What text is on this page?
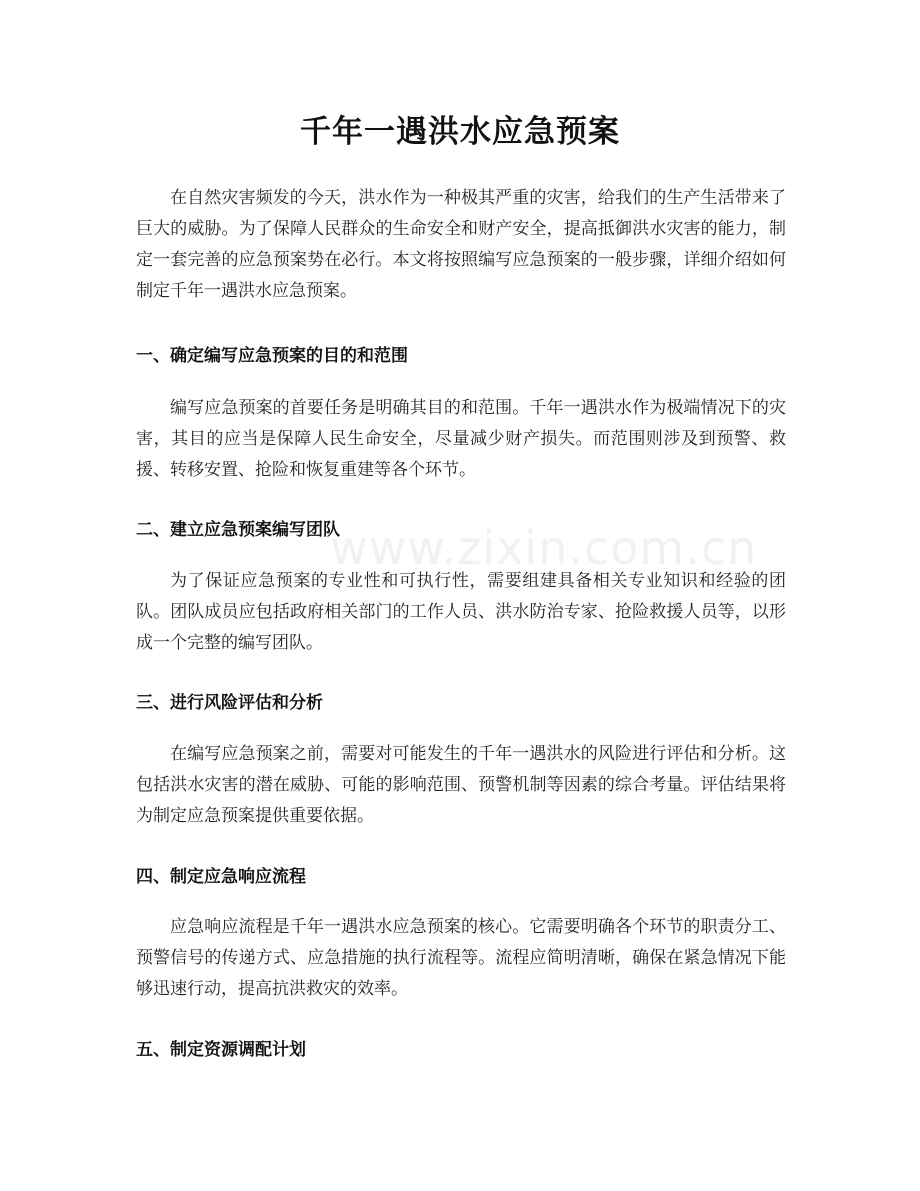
www.zixin.com.cn
千年一遇洪水应急预案

在自然灾害频发的今天，洪水作为一种极其严重的灾害，给我们的生产生活带来了巨大的威胁。为了保障人民群众的生命安全和财产安全，提高抵御洪水灾害的能力，制定一套完善的应急预案势在必行。本文将按照编写应急预案的一般步骤，详细介绍如何制定千年一遇洪水应急预案。

一、确定编写应急预案的目的和范围

编写应急预案的首要任务是明确其目的和范围。千年一遇洪水作为极端情况下的灾害，其目的应当是保障人民生命安全，尽量减少财产损失。而范围则涉及到预警、救援、转移安置、抢险和恢复重建等各个环节。

二、建立应急预案编写团队

为了保证应急预案的专业性和可执行性，需要组建具备相关专业知识和经验的团队。团队成员应包括政府相关部门的工作人员、洪水防治专家、抢险救援人员等，以形成一个完整的编写团队。

三、进行风险评估和分析

在编写应急预案之前，需要对可能发生的千年一遇洪水的风险进行评估和分析。这包括洪水灾害的潜在威胁、可能的影响范围、预警机制等因素的综合考量。评估结果将为制定应急预案提供重要依据。

四、制定应急响应流程

应急响应流程是千年一遇洪水应急预案的核心。它需要明确各个环节的职责分工、预警信号的传递方式、应急措施的执行流程等。流程应简明清晰，确保在紧急情况下能够迅速行动，提高抗洪救灾的效率。

五、制定资源调配计划
